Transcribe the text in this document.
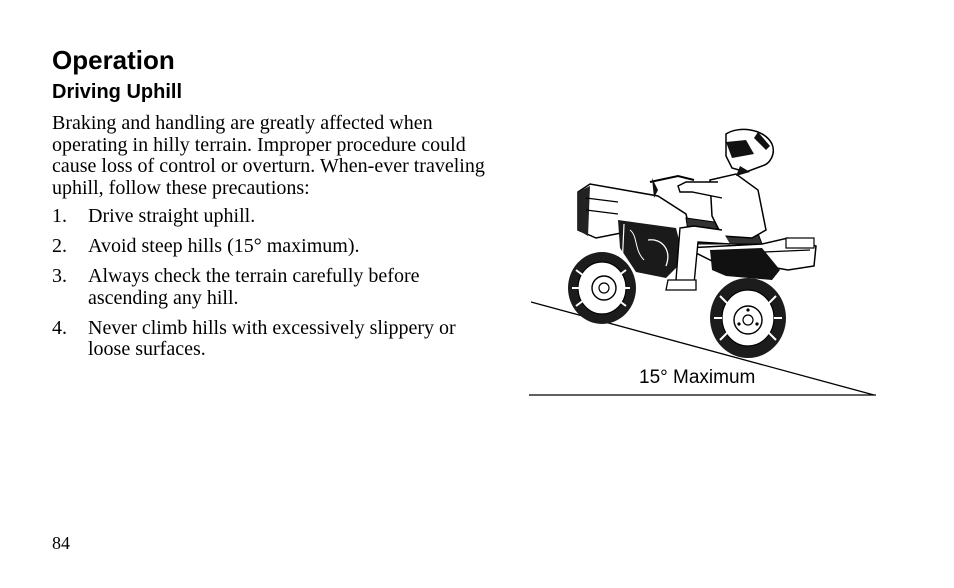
Operation
Driving Uphill

Braking and handling are greatly affected when operating in hilly terrain. Improper procedure could cause loss of control or overturn. When-ever traveling uphill, follow these precautions:

1. Drive straight uphill.
2. Avoid steep hills (15° maximum).
3. Always check the terrain carefully before ascending any hill.
4. Never climb hills with excessively slippery or loose surfaces.
15° Maximum
84
